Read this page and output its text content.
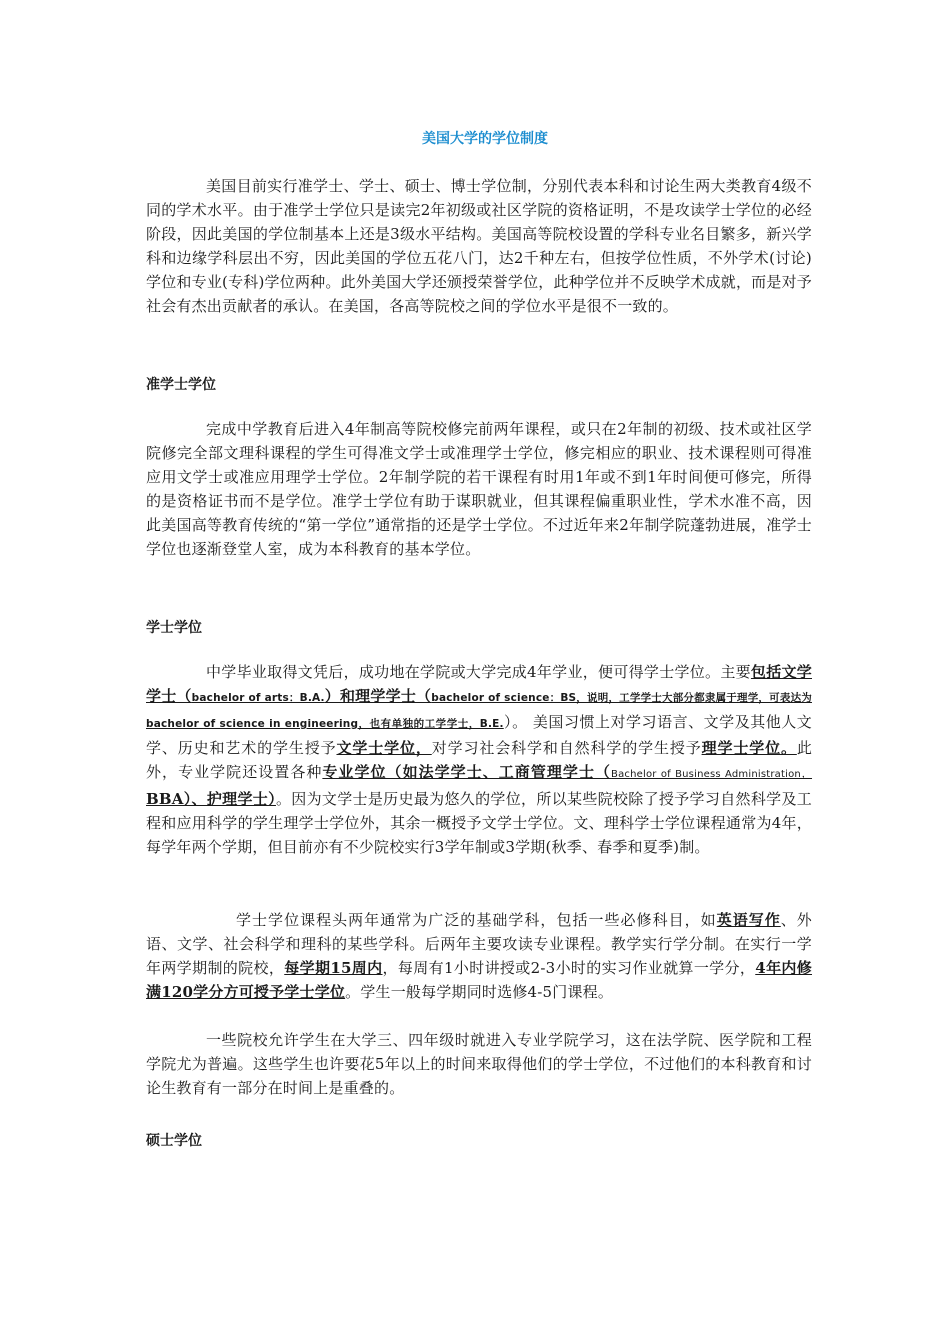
美国大学的学位制度

美国目前实行准学士、学士、硕士、博士学位制，分别代表本科和讨论生两大类教育4级不同的学术水平。由于准学士学位只是读完2年初级或社区学院的资格证明，不是攻读学士学位的必经阶段，因此美国的学位制基本上还是3级水平结构。美国高等院校设置的学科专业名目繁多，新兴学科和边缘学科层出不穷，因此美国的学位五花八门，达2千种左右，但按学位性质，不外学术(讨论)学位和专业(专科)学位两种。此外美国大学还颁授荣誉学位，此种学位并不反映学术成就，而是对予社会有杰出贡献者的承认。在美国，各高等院校之间的学位水平是很不一致的。

准学士学位

完成中学教育后进入4年制高等院校修完前两年课程，或只在2年制的初级、技术或社区学院修完全部文理科课程的学生可得准文学士或准理学士学位，修完相应的职业、技术课程则可得准应用文学士或准应用理学士学位。2年制学院的若干课程有时用1年或不到1年时间便可修完，所得的是资格证书而不是学位。准学士学位有助于谋职就业，但其课程偏重职业性，学术水准不高，因此美国高等教育传统的“第一学位”通常指的还是学士学位。不过近年来2年制学院蓬勃进展，准学士学位也逐渐登堂人室，成为本科教育的基本学位。

学士学位

中学毕业取得文凭后，成功地在学院或大学完成4年学业，便可得学士学位。主要包括文学学士（bachelor of arts：B.A.）和理学学士（bachelor of science：BS，说明，工学学士大部分都隶属于理学，可表达为bachelor of science in engineering，也有单独的工学学士，B.E.）。 美国习惯上对学习语言、文学及其他人文学、历史和艺术的学生授予文学士学位，对学习社会科学和自然科学的学生授予理学士学位。此外，专业学院还设置各种专业学位（如法学学士、工商管理学士（Bachelor of Business Administration，BBA）、护理学士）。因为文学士是历史最为悠久的学位，所以某些院校除了授予学习自然科学及工程和应用科学的学生理学士学位外，其余一概授予文学士学位。文、理科学士学位课程通常为4年，每学年两个学期，但目前亦有不少院校实行3学年制或3学期(秋季、春季和夏季)制。

学士学位课程头两年通常为广泛的基础学科，包括一些必修科目，如英语写作、外语、文学、社会科学和理科的某些学科。后两年主要攻读专业课程。教学实行学分制。在实行一学年两学期制的院校，每学期15周内，每周有1小时讲授或2-3小时的实习作业就算一学分，4年内修满120学分方可授予学士学位。学生一般每学期同时选修4-5门课程。

一些院校允许学生在大学三、四年级时就进入专业学院学习，这在法学院、医学院和工程学院尤为普遍。这些学生也许要花5年以上的时间来取得他们的学士学位，不过他们的本科教育和讨论生教育有一部分在时间上是重叠的。

硕士学位
